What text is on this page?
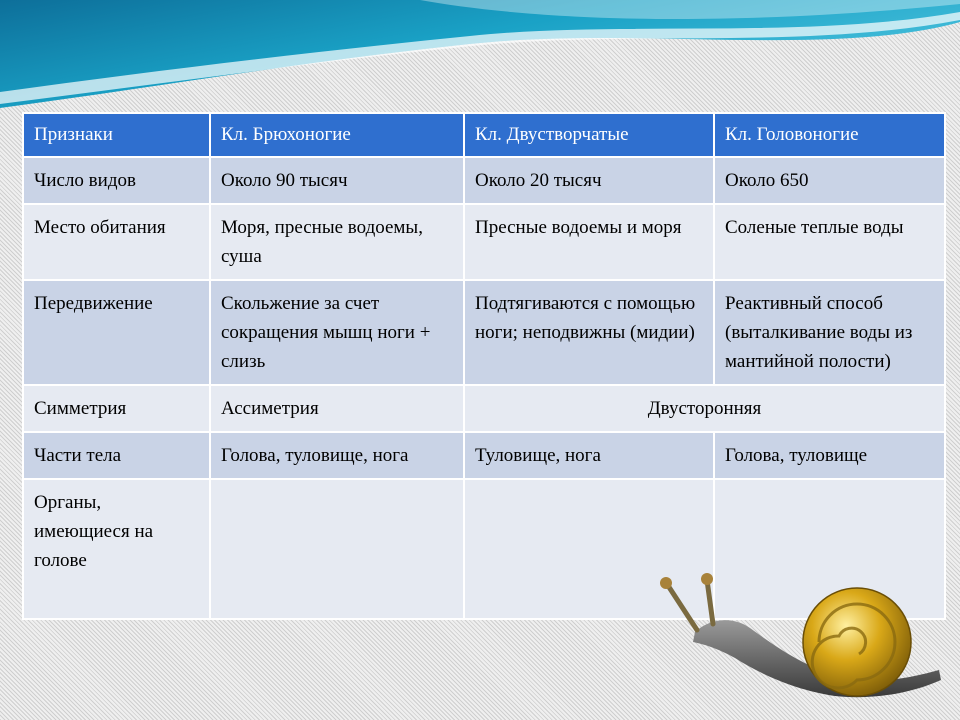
Признаки	Кл. Брюхоногие	Кл. Двустворчатые	Кл. Головоногие
Число видов	Около 90 тысяч	Около 20 тысяч	Около 650
Место обитания	Моря, пресные водоемы, суша	Пресные водоемы и моря	Соленые теплые воды
Передвижение	Скольжение за счет сокращения мышц ноги + слизь	Подтягиваются с помощью ноги; неподвижны (мидии)	Реактивный способ (выталкивание воды из мантийной полости)
Симметрия	Ассиметрия	Двусторонняя	
Части тела	Голова, туловище, нога	Туловище, нога	Голова, туловище
Органы, имеющиеся на голове			
